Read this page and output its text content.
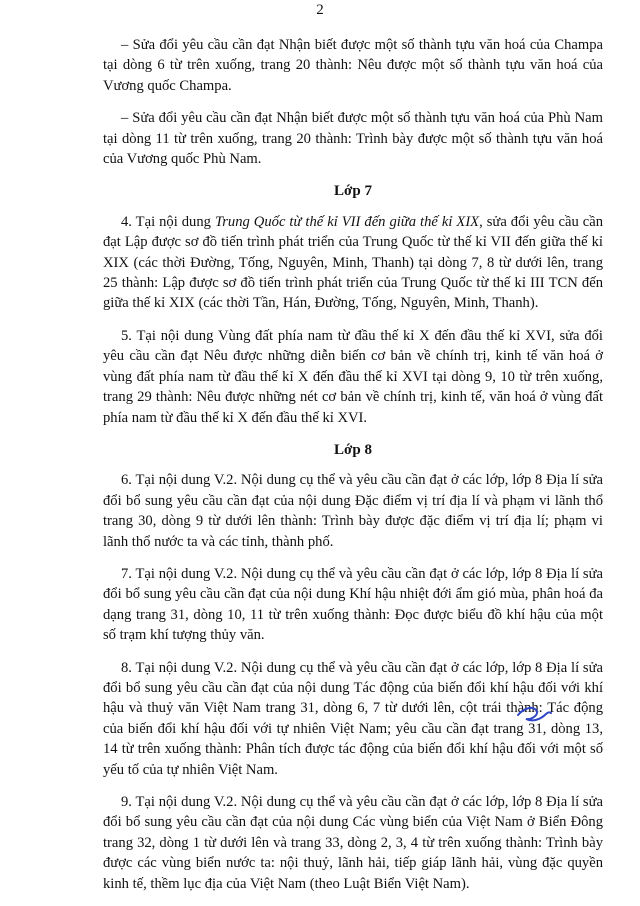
2

– Sửa đổi yêu cầu cần đạt Nhận biết được một số thành tựu văn hoá của Champa tại dòng 6 từ trên xuống, trang 20 thành: Nêu được một số thành tựu văn hoá của Vương quốc Champa.

– Sửa đổi yêu cầu cần đạt Nhận biết được một số thành tựu văn hoá của Phù Nam tại dòng 11 từ trên xuống, trang 20 thành: Trình bày được một số thành tựu văn hoá của Vương quốc Phù Nam.

Lớp 7

4. Tại nội dung Trung Quốc từ thế kỉ VII đến giữa thế kỉ XIX, sửa đổi yêu cầu cần đạt Lập được sơ đồ tiến trình phát triển của Trung Quốc từ thế kỉ VII đến giữa thế kỉ XIX (các thời Đường, Tống, Nguyên, Minh, Thanh) tại dòng 7, 8 từ dưới lên, trang 25 thành: Lập được sơ đồ tiến trình phát triển của Trung Quốc từ thế kỉ III TCN đến giữa thế kỉ XIX (các thời Tần, Hán, Đường, Tống, Nguyên, Minh, Thanh).

5. Tại nội dung Vùng đất phía nam từ đầu thế kỉ X đến đầu thế kỉ XVI, sửa đổi yêu cầu cần đạt Nêu được những diễn biến cơ bản về chính trị, kinh tế văn hoá ở vùng đất phía nam từ đầu thế kỉ X đến đầu thế kỉ XVI tại dòng 9, 10 từ trên xuống, trang 29 thành: Nêu được những nét cơ bản về chính trị, kinh tế, văn hoá ở vùng đất phía nam từ đầu thế kỉ X đến đầu thế kỉ XVI.

Lớp 8

6. Tại nội dung V.2. Nội dung cụ thể và yêu cầu cần đạt ở các lớp, lớp 8 Địa lí sửa đổi bổ sung yêu cầu cần đạt của nội dung Đặc điểm vị trí địa lí và phạm vi lãnh thổ trang 30, dòng 9 từ dưới lên thành: Trình bày được đặc điểm vị trí địa lí; phạm vi lãnh thổ nước ta và các tỉnh, thành phố.

7. Tại nội dung V.2. Nội dung cụ thể và yêu cầu cần đạt ở các lớp, lớp 8 Địa lí sửa đổi bổ sung yêu cầu cần đạt của nội dung Khí hậu nhiệt đới ẩm gió mùa, phân hoá đa dạng trang 31, dòng 10, 11 từ trên xuống thành: Đọc được biểu đồ khí hậu của một số trạm khí tượng thủy văn.

8. Tại nội dung V.2. Nội dung cụ thể và yêu cầu cần đạt ở các lớp, lớp 8 Địa lí sửa đổi bổ sung yêu cầu cần đạt của nội dung Tác động của biến đổi khí hậu đối với khí hậu và thuỷ văn Việt Nam trang 31, dòng 6, 7 từ dưới lên, cột trái thành: Tác động của biến đổi khí hậu đối với tự nhiên Việt Nam; yêu cầu cần đạt trang 31, dòng 13, 14 từ trên xuống thành: Phân tích được tác động của biến đổi khí hậu đối với một số yếu tố của tự nhiên Việt Nam.

9. Tại nội dung V.2. Nội dung cụ thể và yêu cầu cần đạt ở các lớp, lớp 8 Địa lí sửa đổi bổ sung yêu cầu cần đạt của nội dung Các vùng biển của Việt Nam ở Biển Đông trang 32, dòng 1 từ dưới lên và trang 33, dòng 2, 3, 4 từ trên xuống thành: Trình bày được các vùng biển nước ta: nội thuỷ, lãnh hải, tiếp giáp lãnh hải, vùng đặc quyền kinh tế, thềm lục địa của Việt Nam (theo Luật Biển Việt Nam).
